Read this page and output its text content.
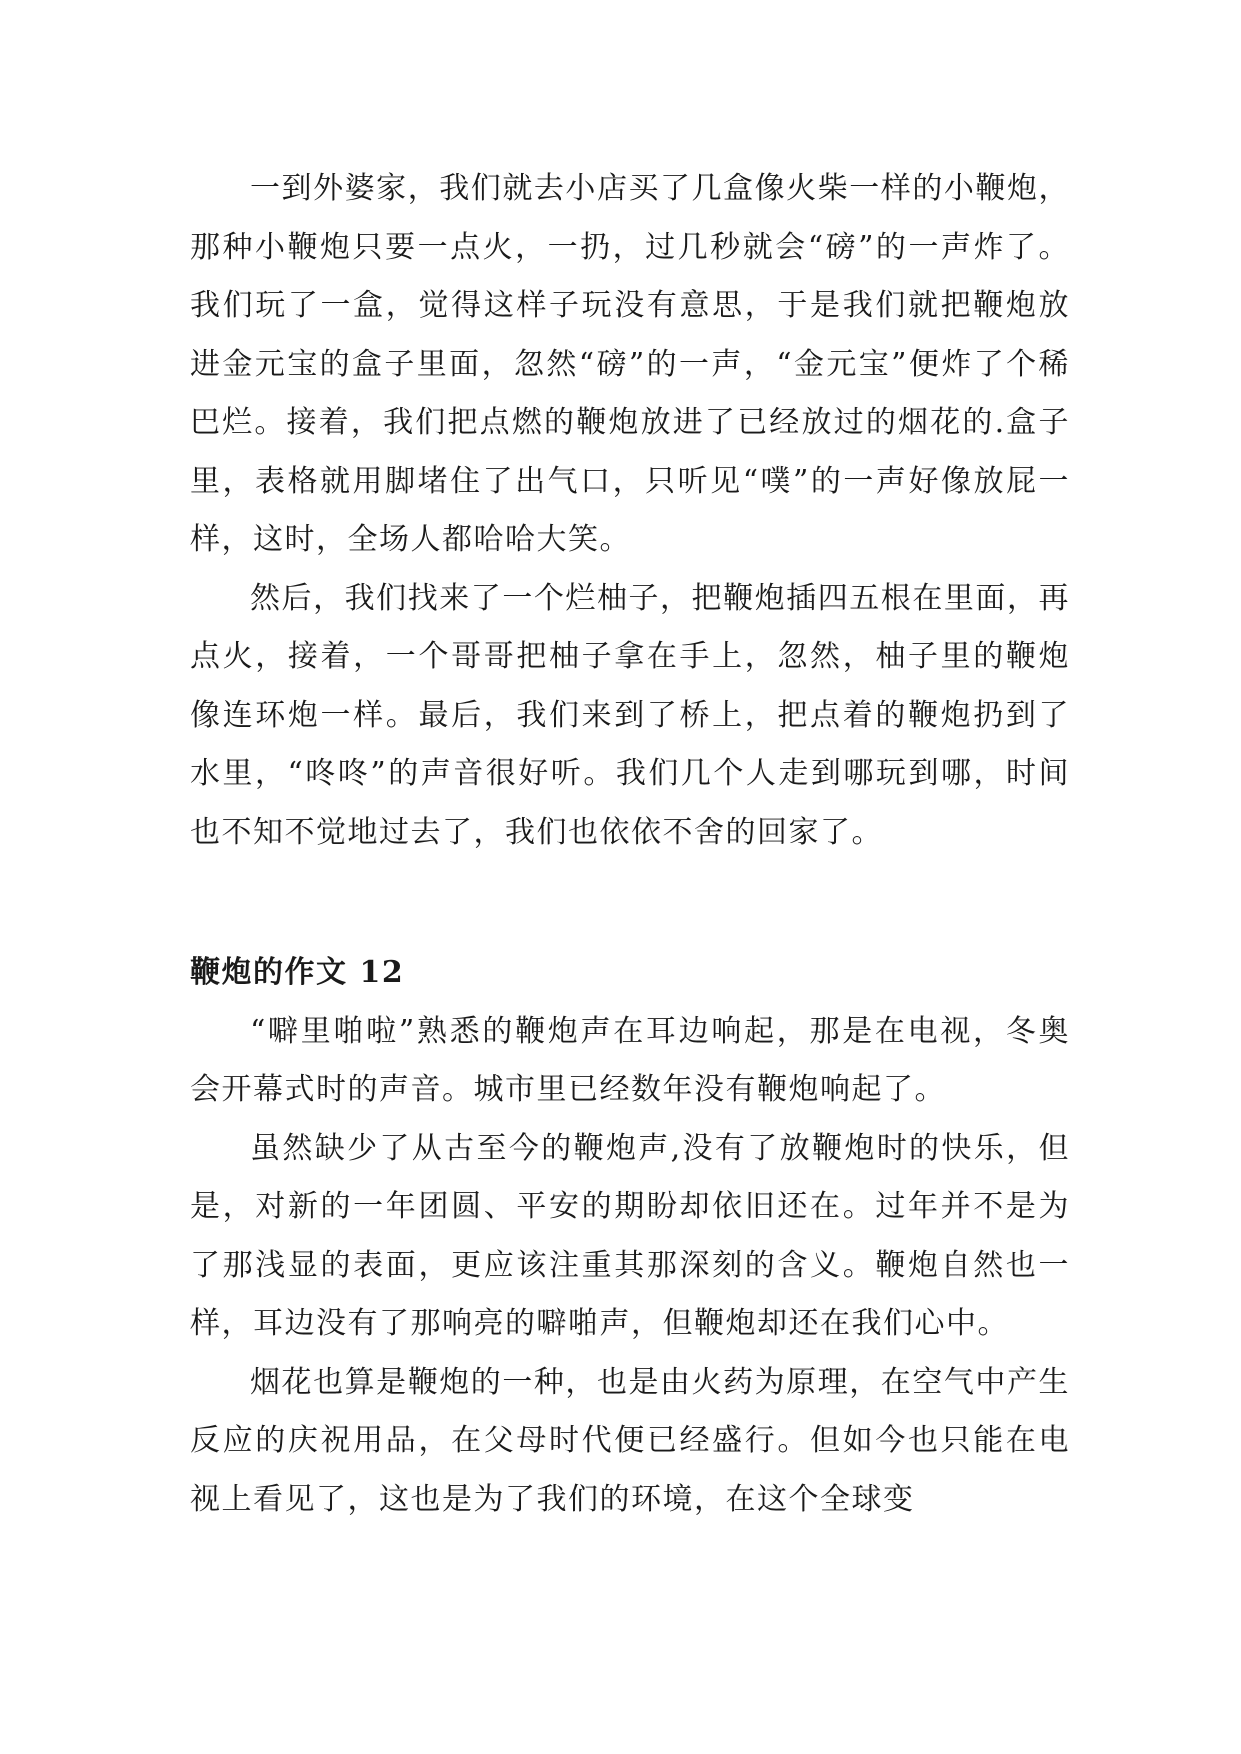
一到外婆家，我们就去小店买了几盒像火柴一样的小鞭炮，那种小鞭炮只要一点火，一扔，过几秒就会“磅”的一声炸了。我们玩了一盒，觉得这样子玩没有意思，于是我们就把鞭炮放进金元宝的盒子里面，忽然“磅”的一声，“金元宝”便炸了个稀巴烂。接着，我们把点燃的鞭炮放进了已经放过的烟花的.盒子里，表格就用脚堵住了出气口，只听见“噗”的一声好像放屁一样，这时，全场人都哈哈大笑。

然后，我们找来了一个烂柚子，把鞭炮插四五根在里面，再点火，接着，一个哥哥把柚子拿在手上，忽然，柚子里的鞭炮像连环炮一样。最后，我们来到了桥上，把点着的鞭炮扔到了水里，“咚咚”的声音很好听。我们几个人走到哪玩到哪，时间也不知不觉地过去了，我们也依依不舍的回家了。

鞭炮的作文 12

“噼里啪啦”熟悉的鞭炮声在耳边响起，那是在电视，冬奥会开幕式时的声音。城市里已经数年没有鞭炮响起了。

虽然缺少了从古至今的鞭炮声,没有了放鞭炮时的快乐，但是，对新的一年团圆、平安的期盼却依旧还在。过年并不是为了那浅显的表面，更应该注重其那深刻的含义。鞭炮自然也一样，耳边没有了那响亮的噼啪声，但鞭炮却还在我们心中。

烟花也算是鞭炮的一种，也是由火药为原理，在空气中产生反应的庆祝用品，在父母时代便已经盛行。但如今也只能在电视上看见了，这也是为了我们的环境，在这个全球变
